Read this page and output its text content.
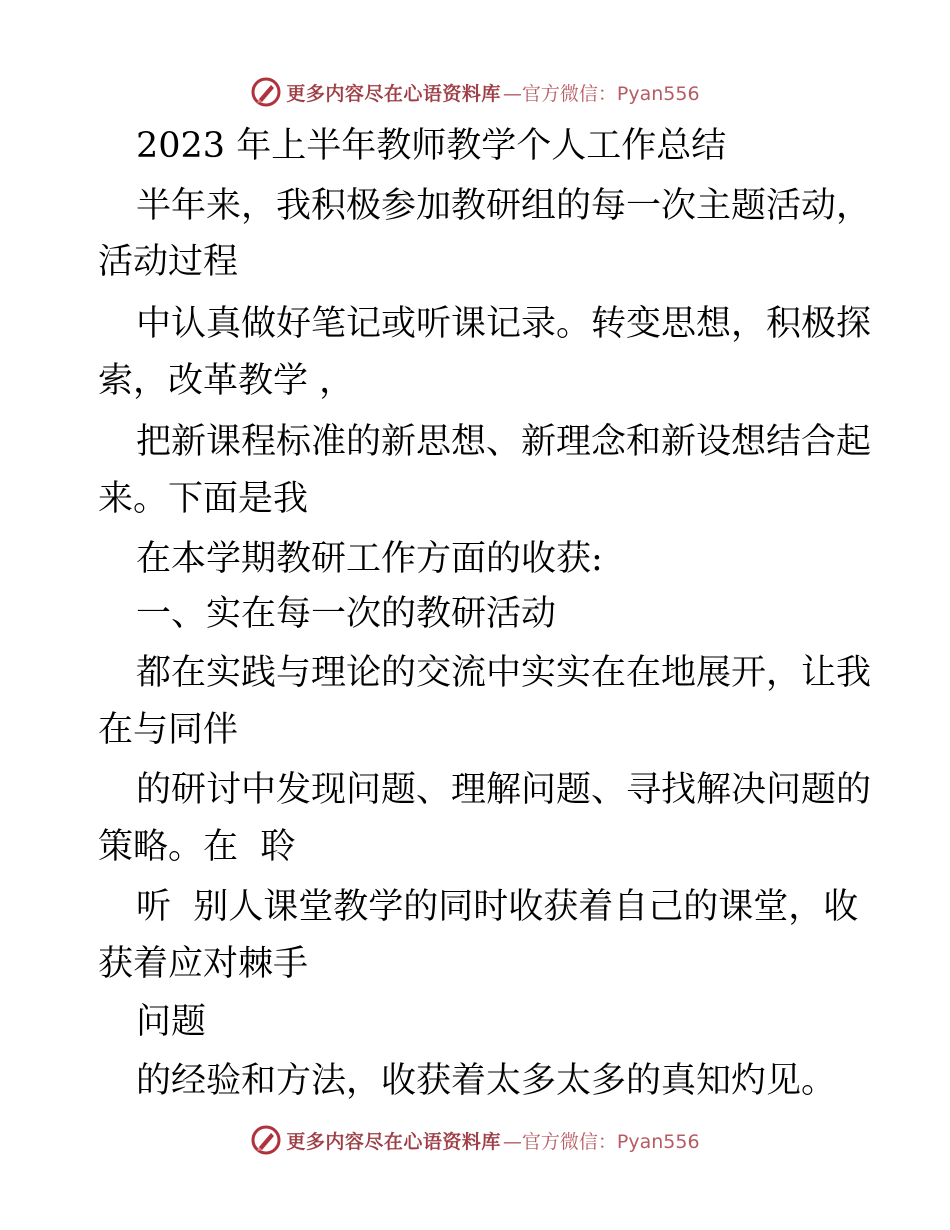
更多内容尽在心语资料库 —官方微信：Pyan556
2023 年上半年教师教学个人工作总结
半年来，我积极参加教研组的每一次主题活动，
活动过程
中认真做好笔记或听课记录。转变思想，积极探
索，改革教学 ，
把新课程标准的新思想、新理念和新设想结合起
来。下面是我
在本学期教研工作方面的收获:
一、实在每一次的教研活动
都在实践与理论的交流中实实在在地展开，让我
在与同伴
的研讨中发现问题、理解问题、寻找解决问题的
策略。在  聆
听  别人课堂教学的同时收获着自己的课堂，收
获着应对棘手
问题
的经验和方法，收获着太多太多的真知灼见。
更多内容尽在心语资料库 —官方微信：Pyan556
